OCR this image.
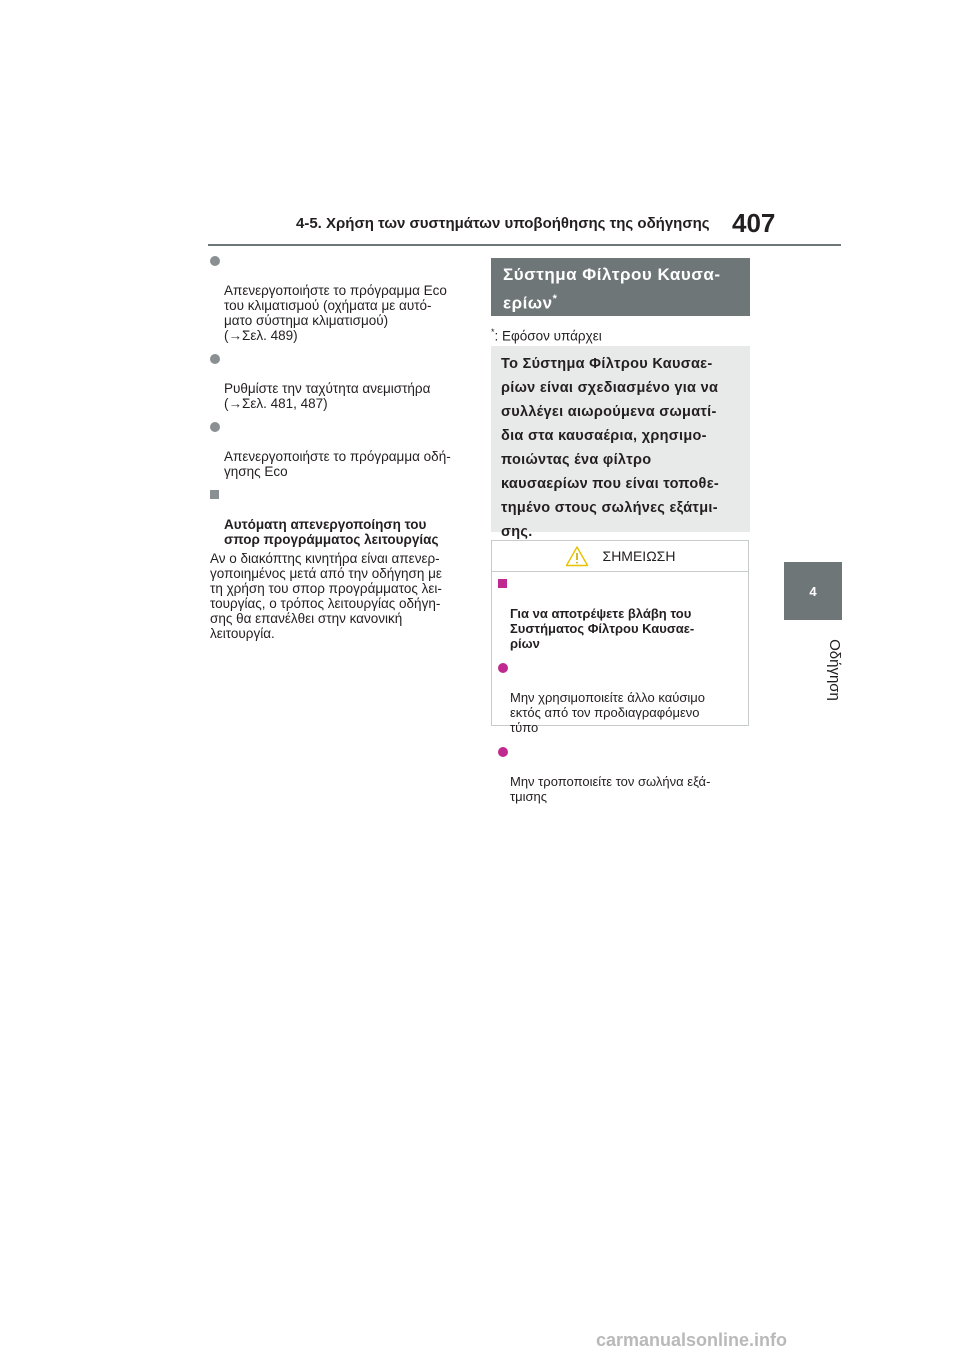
4-5. Χρήση των συστημάτων υποβοήθησης της οδήγησης 407
4
Οδήγηση

Απενεργοποιήστε το πρόγραμμα Eco
του κλιματισμού (οχήματα με αυτό-
ματο σύστημα κλιματισμού)
(→Σελ. 489)

Ρυθμίστε την ταχύτητα ανεμιστήρα
(→Σελ. 481, 487)

Απενεργοποιήστε το πρόγραμμα οδή-
γησης Eco

Αυτόματη απενεργοποίηση του
σπορ προγράμματος λειτουργίας

Αν ο διακόπτης κινητήρα είναι απενερ-
γοποιημένος μετά από την οδήγηση με
τη χρήση του σπορ προγράμματος λει-
τουργίας, ο τρόπος λειτουργίας οδήγη-
σης θα επανέλθει στην κανονική
λειτουργία.
Σύστημα Φίλτρου Καυσα-
ερίων*
*: Εφόσον υπάρχει
Το Σύστημα Φίλτρου Καυσαε-
ρίων είναι σχεδιασμένο για να
συλλέγει αιωρούμενα σωματί-
δια στα καυσαέρια, χρησιμο-
ποιώντας ένα φίλτρο
καυσαερίων που είναι τοποθε-
τημένο στους σωλήνες εξάτμι-
σης.
ΣΗΜΕΙΩΣΗ

Για να αποτρέψετε βλάβη του
Συστήματος Φίλτρου Καυσαε-
ρίων

Μην χρησιμοποιείτε άλλο καύσιμο
εκτός από τον προδιαγραφόμενο
τύπο

Μην τροποποιείτε τον σωλήνα εξά-
τμισης

carmanualsonline.info
